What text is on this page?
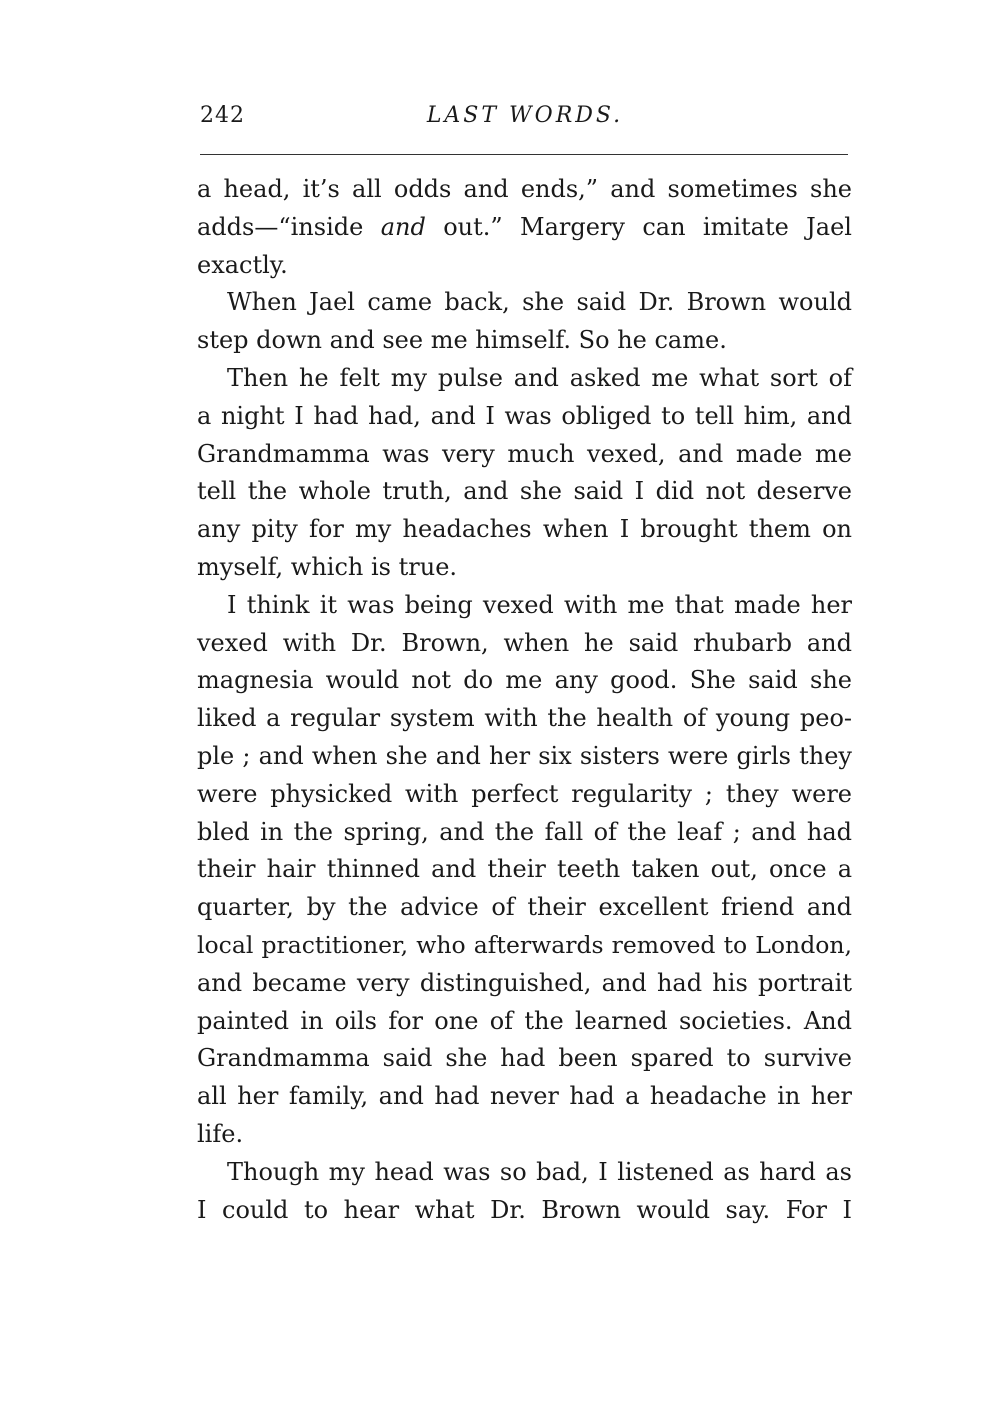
242	LAST WORDS.
a head, it’s all odds and ends,” and sometimes she
adds—“inside and out.” Margery can imitate Jael
exactly.
When Jael came back, she said Dr. Brown would
step down and see me himself. So he came.
Then he felt my pulse and asked me what sort of
a night I had had, and I was obliged to tell him, and
Grandmamma was very much vexed, and made me
tell the whole truth, and she said I did not deserve
any pity for my headaches when I brought them on
myself, which is true.
I think it was being vexed with me that made her
vexed with Dr. Brown, when he said rhubarb and
magnesia would not do me any good. She said she
liked a regular system with the health of young peo-
ple ; and when she and her six sisters were girls they
were physicked with perfect regularity ; they were
bled in the spring, and the fall of the leaf ; and had
their hair thinned and their teeth taken out, once a
quarter, by the advice of their excellent friend and
local practitioner, who afterwards removed to London,
and became very distinguished, and had his portrait
painted in oils for one of the learned societies. And
Grandmamma said she had been spared to survive
all her family, and had never had a headache in her
life.
Though my head was so bad, I listened as hard as
I could to hear what Dr. Brown would say. For I
